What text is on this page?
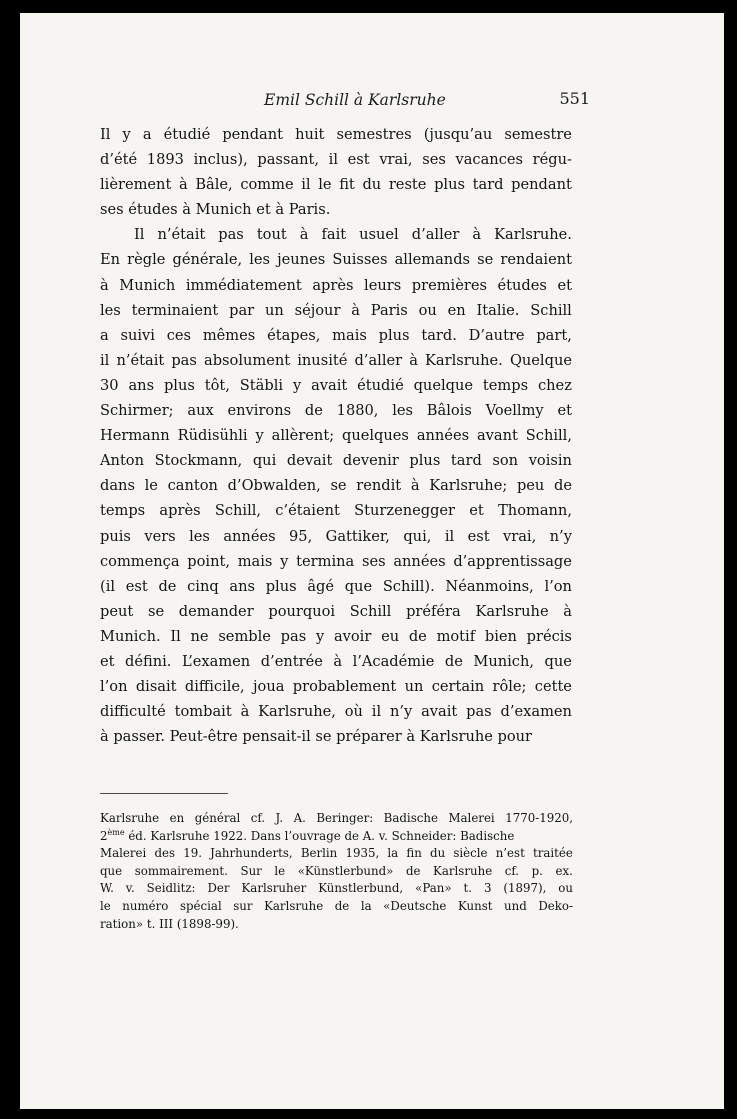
Emil Schill à Karlsruhe	551
Il y a étudié pendant huit semestres (jusqu’au semestre
d’été 1893 inclus), passant, il est vrai, ses vacances régu-
lièrement à Bâle, comme il le fit du reste plus tard pendant
ses études à Munich et à Paris.
Il n’était pas tout à fait usuel d’aller à Karlsruhe.
En règle générale, les jeunes Suisses allemands se rendaient
à Munich immédiatement après leurs premières études et
les terminaient par un séjour à Paris ou en Italie. Schill
a suivi ces mêmes étapes, mais plus tard. D’autre part,
il n’était pas absolument inusité d’aller à Karlsruhe. Quelque
30 ans plus tôt, Stäbli y avait étudié quelque temps chez
Schirmer; aux environs de 1880, les Bâlois Voellmy et
Hermann Rüdisühli y allèrent; quelques années avant Schill,
Anton Stockmann, qui devait devenir plus tard son voisin
dans le canton d’Obwalden, se rendit à Karlsruhe; peu de
temps après Schill, c’étaient Sturzenegger et Thomann,
puis vers les années 95, Gattiker, qui, il est vrai, n’y
commença point, mais y termina ses années d’apprentissage
(il est de cinq ans plus âgé que Schill). Néanmoins, l’on
peut se demander pourquoi Schill préféra Karlsruhe à
Munich. Il ne semble pas y avoir eu de motif bien précis
et défini. L’examen d’entrée à l’Académie de Munich, que
l’on disait difficile, joua probablement un certain rôle; cette
difficulté tombait à Karlsruhe, où il n’y avait pas d’examen
à passer. Peut-être pensait-il se préparer à Karlsruhe pour
Karlsruhe en général cf. J. A. Beringer: Badische Malerei 1770-1920,
2ème éd. Karlsruhe 1922. Dans l’ouvrage de A. v. Schneider: Badische
Malerei des 19. Jahrhunderts, Berlin 1935, la fin du siècle n’est traitée
que sommairement. Sur le «Künstlerbund» de Karlsruhe cf. p. ex.
W. v. Seidlitz: Der Karlsruher Künstlerbund, «Pan» t. 3 (1897), ou
le numéro spécial sur Karlsruhe de la «Deutsche Kunst und Deko-
ration» t. III (1898-99).
